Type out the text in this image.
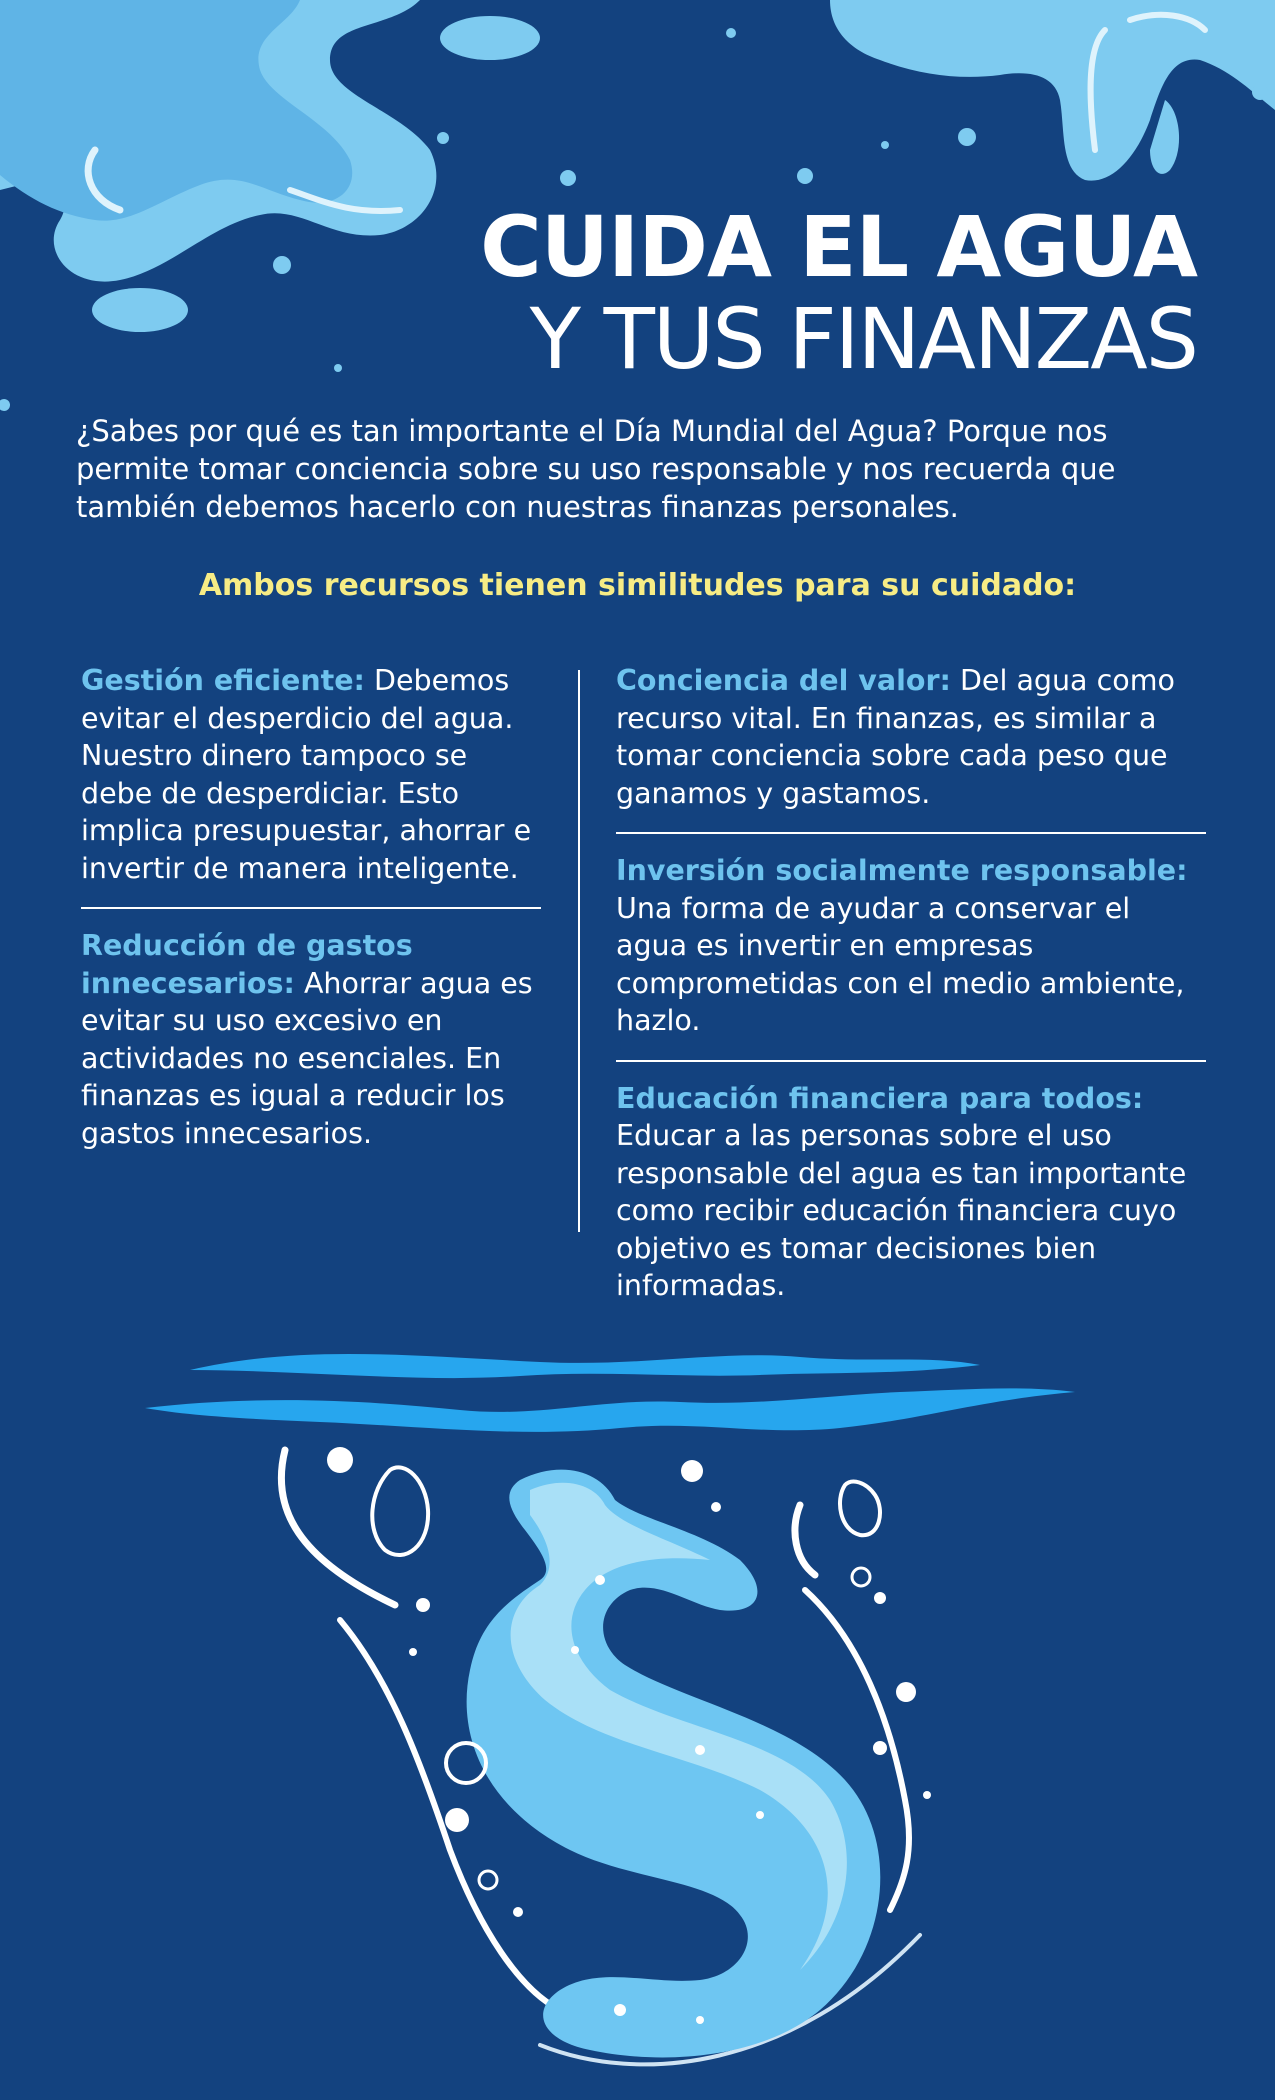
CUIDA EL AGUA
Y TUS FINANZAS

¿Sabes por qué es tan importante el Día Mundial del Agua? Porque nos permite tomar conciencia sobre su uso responsable y nos recuerda que también debemos hacerlo con nuestras finanzas personales.

Ambos recursos tienen similitudes para su cuidado:

Gestión eficiente: Debemos evitar el desperdicio del agua. Nuestro dinero tampoco se debe de desperdiciar. Esto implica presupuestar, ahorrar e invertir de manera inteligente.

Reducción de gastos innecesarios: Ahorrar agua es evitar su uso excesivo en actividades no esenciales. En finanzas es igual a reducir los gastos innecesarios.

Conciencia del valor: Del agua como recurso vital. En finanzas, es similar a tomar conciencia sobre cada peso que ganamos y gastamos.

Inversión socialmente responsable: Una forma de ayudar a conservar el agua es invertir en empresas comprometidas con el medio ambiente, hazlo.

Educación financiera para todos: Educar a las personas sobre el uso responsable del agua es tan importante como recibir educación financiera cuyo objetivo es tomar decisiones bien informadas.
